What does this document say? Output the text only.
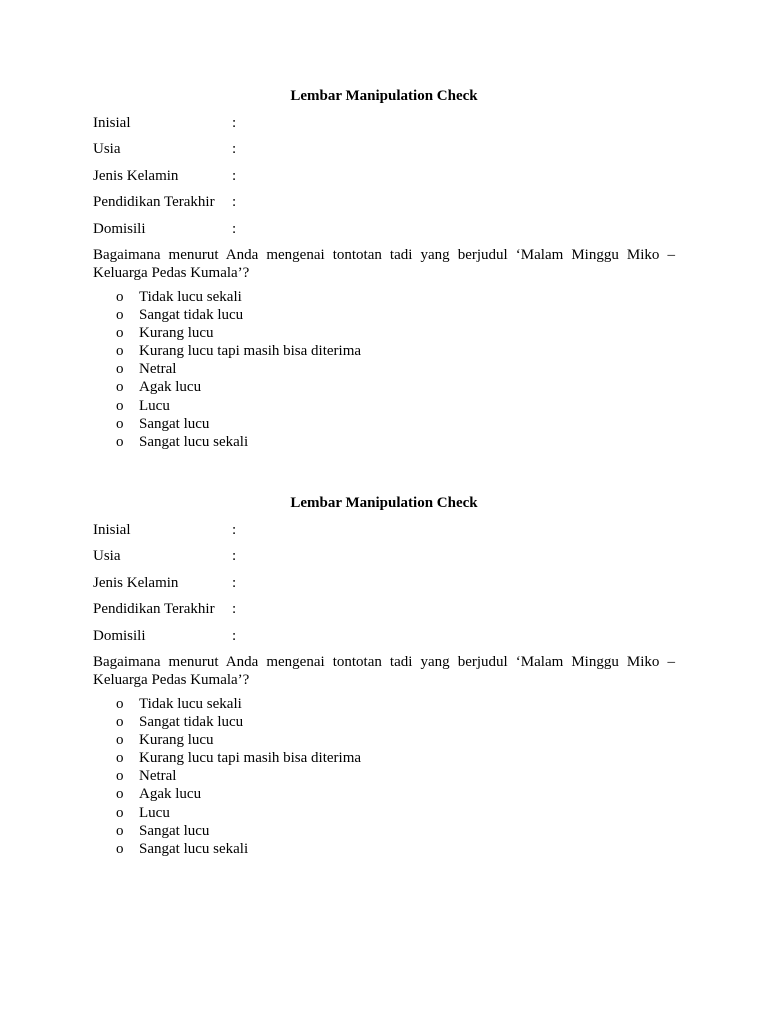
Lembar Manipulation Check
Inisial	:
Usia	:
Jenis Kelamin	:
Pendidikan Terakhir :
Domisili	:

Bagaimana menurut Anda mengenai tontotan tadi yang berjudul ‘Malam Minggu Miko – Keluarga Pedas Kumala’?

o Tidak lucu sekali
o Sangat tidak lucu
o Kurang lucu
o Kurang lucu tapi masih bisa diterima
o Netral
o Agak lucu
o Lucu
o Sangat lucu
o Sangat lucu sekali
Lembar Manipulation Check
Inisial	:
Usia	:
Jenis Kelamin	:
Pendidikan Terakhir :
Domisili	:

Bagaimana menurut Anda mengenai tontotan tadi yang berjudul ‘Malam Minggu Miko – Keluarga Pedas Kumala’?

o Tidak lucu sekali
o Sangat tidak lucu
o Kurang lucu
o Kurang lucu tapi masih bisa diterima
o Netral
o Agak lucu
o Lucu
o Sangat lucu
o Sangat lucu sekali
